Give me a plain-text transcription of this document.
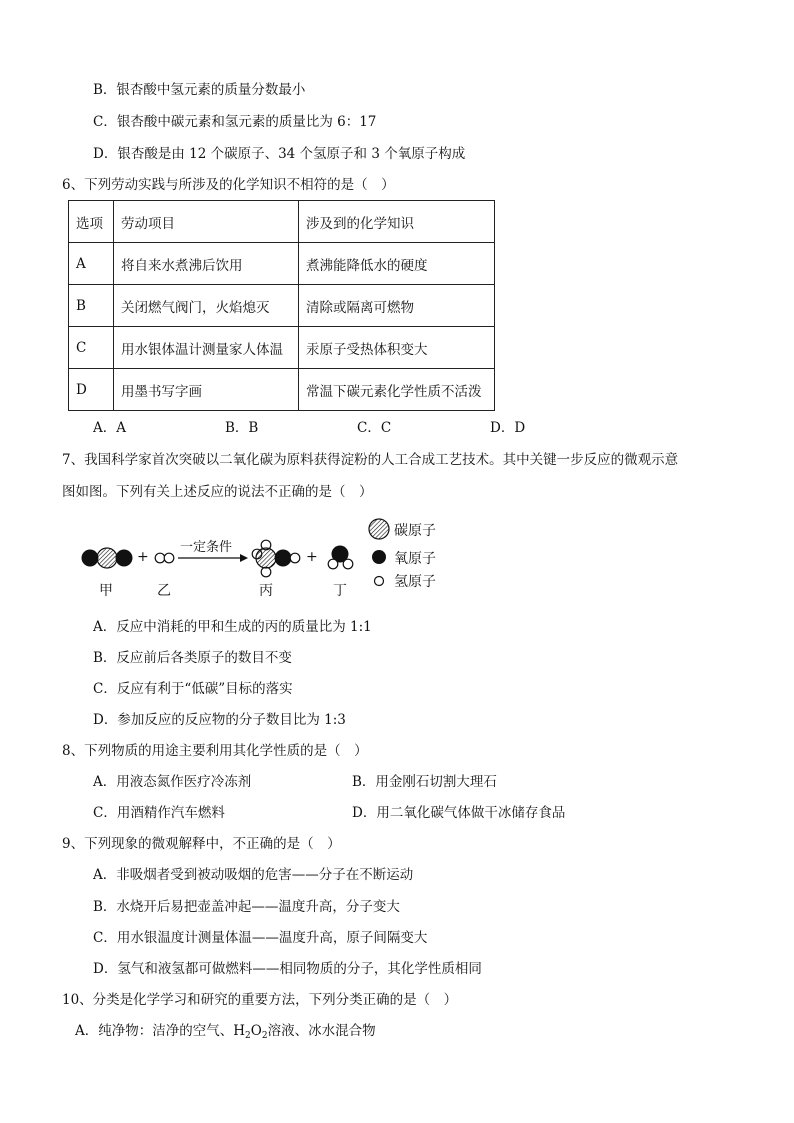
B．银杏酸中氢元素的质量分数最小
C．银杏酸中碳元素和氢元素的质量比为 6：17
D．银杏酸是由 12 个碳原子、34 个氢原子和 3 个氧原子构成
6、下列劳动实践与所涉及的化学知识不相符的是（　）
选项	劳动项目	涉及到的化学知识
A	将自来水煮沸后饮用	煮沸能降低水的硬度
B	关闭燃气阀门，火焰熄灭	清除或隔离可燃物
C	用水银体温计测量家人体温	汞原子受热体积变大
D	用墨书写字画	常温下碳元素化学性质不活泼
A．A	B．B	C．C	D．D
7、我国科学家首次突破以二氧化碳为原料获得淀粉的人工合成工艺技术。其中关键一步反应的微观示意
图如图。下列有关上述反应的说法不正确的是（　）
+	+
一定条件
甲	乙	丙	丁
碳原子
氧原子
氢原子
A．反应中消耗的甲和生成的丙的质量比为 1:1
B．反应前后各类原子的数目不变
C．反应有利于“低碳”目标的落实
D．参加反应的反应物的分子数目比为 1:3
8、下列物质的用途主要利用其化学性质的是（　）
A．用液态氮作医疗冷冻剂	B．用金刚石切割大理石
C．用酒精作汽车燃料	D．用二氧化碳气体做干冰储存食品
9、下列现象的微观解释中，不正确的是（　）
A．非吸烟者受到被动吸烟的危害——分子在不断运动
B．水烧开后易把壶盖冲起——温度升高，分子变大
C．用水银温度计测量体温——温度升高，原子间隔变大
D．氢气和液氢都可做燃料——相同物质的分子，其化学性质相同
10、分类是化学学习和研究的重要方法，下列分类正确的是（　）
A．纯净物：洁净的空气、$H_2O_2$溶液、冰水混合物
